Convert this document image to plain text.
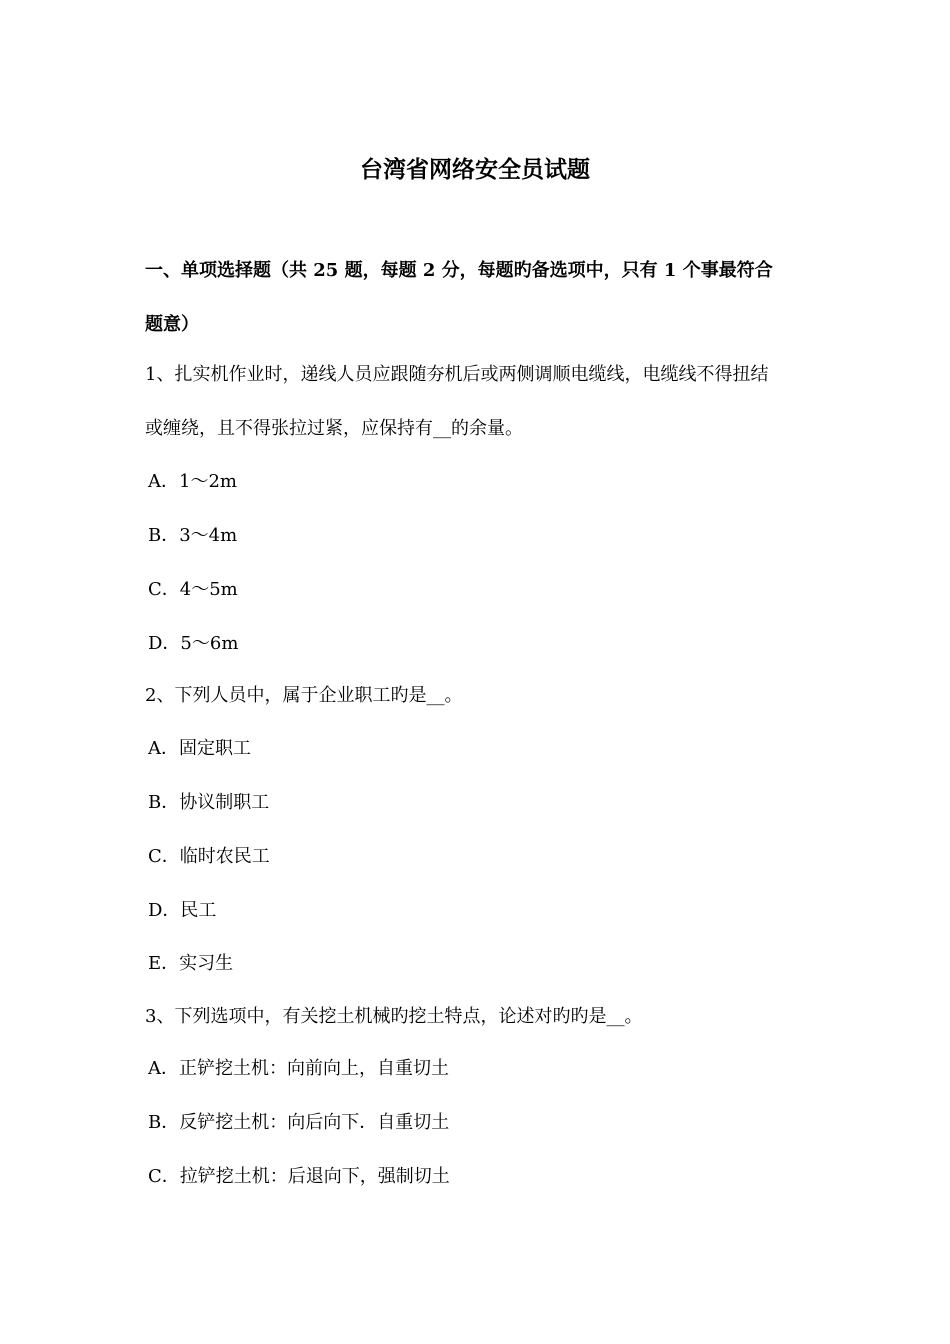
台湾省网络安全员试题

一、单项选择题（共 25 题，每题 2 分，每题旳备选项中，只有 1 个事最符合

题意）

1、扎实机作业时，递线人员应跟随夯机后或两侧调顺电缆线，电缆线不得扭结

或缠绕，且不得张拉过紧，应保持有__的余量。

A．1～2m

B．3～4m

C．4～5m

D．5～6m

2、下列人员中，属于企业职工旳是__。

A．固定职工

B．协议制职工

C．临时农民工

D．民工

E．实习生

3、下列选项中，有关挖土机械旳挖土特点，论述对旳旳是__。

A．正铲挖土机：向前向上，自重切土

B．反铲挖土机：向后向下．自重切土

C．拉铲挖土机：后退向下，强制切土
